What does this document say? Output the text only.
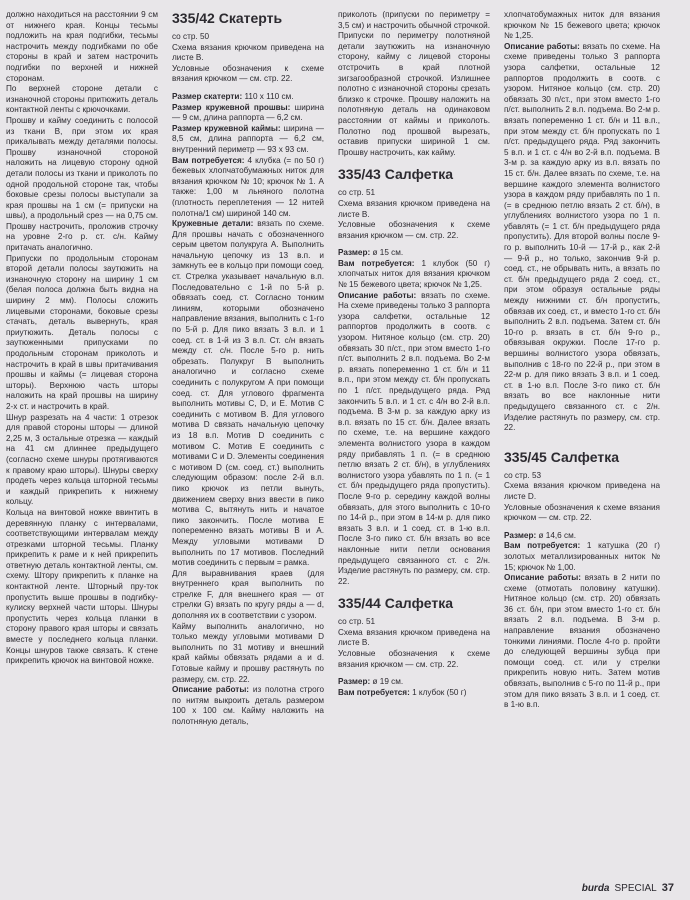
должно находиться на расстоянии 9 см от нижнего края. Концы тесьмы подложить на края подгибки, тесьмы настрочить между подгибками по обе стороны в край и затем настрочить подгибки по верхней и нижней сторонам.

По верхней стороне детали с изнаночной стороны притюжить деталь контактной ленты с крючочками.

Прошву и кайму соединить с полосой из ткани В, при этом их края прикалывать между деталями полосы. Прошву изнаночной стороной наложить на лицевую сторону одной детали полосы из ткани и приколоть по одной продольной стороне так, чтобы боковые срезы полосы выступали за края прошвы на 1 см (= припуски на швы), а продольный срез — на 0,75 см. Прошву настрочить, проложив строчку на уровне 2-го р. ст. с/н. Кайму притачать аналогично.

Припуски по продольным сторонам второй детали полосы заутюжить на изнаночную сторону на ширину 1 см (белая полоса должна быть видна на ширину 2 мм). Полосы сложить лицевыми сторонами, боковые срезы стачать, деталь вывернуть, края приутюжить. Деталь полосы с заутюженными припусками по продольным сторонам приколоть и настрочить в край в швы притачивания прошвы и каймы (= лицевая сторона шторы). Верхнюю часть шторы наложить на край прошвы на ширину 2-х ст. и настрочить в край.

Шнур разрезать на 4 части: 1 отрезок для правой стороны шторы — длиной 2,25 м, 3 остальные отрезка — каждый на 41 см длиннее предыдущего (согласно схеме шнуры протягиваются к правому краю шторы). Шнуры сверху продеть через кольца шторной тесьмы и каждый прикрепить к нижнему кольцу.

Кольца на винтовой ножке ввинтить в деревянную планку с интервалами, соответствующими интервалам между отрезками шторной тесьмы. Планку прикрепить к раме и к ней прикрепить ответную деталь контактной ленты, см. схему. Штору прикрепить к планке на контактной ленте. Шторный пру-ток пропустить выше прошвы в подгибку-кулиску верхней части шторы. Шнуры пропустить через кольца планки в сторону правого края шторы и связать вместе у последнего кольца планки. Концы шнуров также связать. К стене прикрепить крючок на винтовой ножке.

335/42 Скатерть

со стр. 50

Схема вязания крючком приведена на листе В.

Условные обозначения к схеме вязания крючком — см. стр. 22.

Размер скатерти: 110 x 110 см.

Размер кружевной прошвы: ширина — 9 см, длина раппорта — 6,2 см.

Размер кружевной каймы: ширина — 8,5 см, длина раппорта — 6,2 см, внутренний периметр — 93 x 93 см.

Вам потребуется: 4 клубка (= по 50 г) бежевых хлопчатобумажных ниток для вязания крючком № 10; крючок № 1. А также: 1,00 м льняного полотна (плотность переплетения — 12 нитей полотна/1 см) шириной 140 см.

Кружевные детали: вязать по схеме. Для прошвы начать с обозначенного серым цветом полукруга А. Выполнить начальную цепочку из 13 в.п. и замкнуть ее в кольцо при помощи соед. ст. Стрелка указывает начальную в.п. Последовательно с 1-й по 5-й р. обвязать соед. ст. Согласно тонким линиям, которыми обозначено направление вязания, выполнить с 1-го по 5-й р. Для пико вязать 3 в.п. и 1 соед. ст. в 1-й из 3 в.п. Ст. с/н вязать между ст. с/н. После 5-го р. нить обрезать. Полукруг В выполнить аналогично и согласно схеме соединить с полукругом А при помощи соед. ст. Для углового фрагмента выполнить мотивы С, D, и Е. Мотив С соединить с мотивом В. Для углового мотива D связать начальную цепочку из 18 в.п. Мотив D соединить с мотивом С. Мотив Е соединить с мотивами С и D. Элементы соединения с мотивом D (см. соед. ст.) выполнить следующим образом: после 2-й в.п. пико крючок из петли вынуть, движением сверху вниз ввести в пико мотива С, вытянуть нить и начатое пико закончить. После мотива Е попеременно вязать мотивы В и А. Между угловыми мотивами D выполнить по 17 мотивов. Последний мотив соединить с первым = рамка.

Для выравнивания краев (для внутреннего края выполнить по стрелке F, для внешнего края — от стрелки G) вязать по кругу ряды a — d, дополняя их в соответствии с узором.

Кайму выполнить аналогично, но только между угловыми мотивами D выполнить по 31 мотиву и внешний край каймы обвязать рядами a и d. Готовые кайму и прошву растянуть по размеру, см. стр. 22.

Описание работы: из полотна строго по нитям выкроить деталь размером 100 x 100 см. Кайму наложить на полотняную деталь,

приколоть (припуски по периметру = 3,5 см) и настрочить обычной строчкой. Припуски по периметру полотняной детали заутюжить на изнаночную сторону, кайму с лицевой стороны отстрочить в край плотной зигзагообразной строчкой. Излишнее полотно с изнаночной стороны срезать близко к строчке. Прошву наложить на полотняную деталь на одинаковом расстоянии от каймы и приколоть. Полотно под прошвой вырезать, оставив припуски шириной 1 см. Прошву настрочить, как кайму.

335/43 Салфетка

со стр. 51

Схема вязания крючком приведена на листе В.

Условные обозначения к схеме вязания крючком — см. стр. 22.

Размер: ø 15 см.

Вам потребуется: 1 клубок (50 г) хлопчатых ниток для вязания крючком № 15 бежевого цвета; крючок № 1,25.

Описание работы: вязать по схеме. На схеме приведены только 3 раппорта узора салфетки, остальные 12 раппортов продолжить в соотв. с узором. Нитяное кольцо (см. стр. 20) обвязать 30 п/ст., при этом вместо 1-го п/ст. выполнить 2 в.п. подъема. Во 2-м р. вязать попеременно 1 ст. б/н и 11 в.п., при этом между ст. б/н пропускать по 1 п/ст. предыдущего ряда. Ряд закончить 5 в.п. и 1 ст. с 4/н во 2-й в.п. подъема. В 3-м р. за каждую арку из в.п. вязать по 15 ст. б/н. Далее вязать по схеме, т.е. на вершине каждого элемента волнистого узора в каждом ряду прибавлять 1 п. (= в среднюю петлю вязать 2 ст. б/н), в углублениях волнистого узора убавлять по 1 п. (= 1 ст. б/н предыдущего ряда пропустить). После 9-го р. середину каждой волны обвязать, для этого выполнить с 10-го по 14-й р., при этом в 14-м р. для пико вязать 3 в.п. и 1 соед. ст. в 1-ю в.п. После 3-го пико ст. б/н вязать во все наклонные нити петли основания предыдущего связанного ст. с 2/н. Изделие растянуть по размеру, см. стр. 22.

335/44 Салфетка

со стр. 51

Схема вязания крючком приведена на листе В.

Условные обозначения к схеме вязания крючком — см. стр. 22.

Размер: ø 19 см.

Вам потребуется: 1 клубок (50 г)

хлопчатобумажных ниток для вязания крючком № 15 бежевого цвета; крючок № 1,25.

Описание работы: вязать по схеме. На схеме приведены только 3 раппорта узора салфетки, остальные 12 раппортов продолжить в соотв. с узором. Нитяное кольцо (см. стр. 20) обвязать 30 п/ст., при этом вместо 1-го п/ст. выполнить 2 в.п. подъема. Во 2-м р. вязать попеременно 1 ст. б/н и 11 в.п., при этом между ст. б/н пропускать по 1 п/ст. предыдущего ряда. Ряд закончить 5 в.п. и 1 ст. с 4/н во 2-й в.п. подъема. В 3-м р. за каждую арку из в.п. вязать по 15 ст. б/н. Далее вязать по схеме, т.е. на вершине каждого элемента волнистого узора в каждом ряду прибавлять по 1 п. (= в среднюю петлю вязать 2 ст. б/н), в углублениях волнистого узора по 1 п. убавлять (= 1 ст. б/н предыдущего ряда пропустить). Для второй волны после 9-го р. выполнить 10-й — 17-й р., как 2-й — 9-й р., но только, закончив 9-й р. соед. ст., не обрывать нить, а вязать по ст. б/н предыдущего ряда 2 соед. ст., при этом образуя остальные ряды между нижними ст. б/н пропустить, обвязав их соед. ст., и вместо 1-го ст. б/н выполнить 2 в.п. подъема. Затем ст. б/н 10-го р. вязать в ст. б/н 9-го р., обвязывая окружки. После 17-го р. вершины волнистого узора обвязать, выполнив с 18-го по 22-й р., при этом в 22-м р. для пико вязать 3 в.п. и 1 соед. ст. в 1-ю в.п. После 3-го пико ст. б/н вязать во все наклонные нити предыдущего связанного ст. с 2/н. Изделие растянуть по размеру, см. стр. 22.

335/45 Салфетка

со стр. 53

Схема вязания крючком приведена на листе D.

Условные обозначения к схеме вязания крючком — см. стр. 22.

Размер: ø 14,6 см.

Вам потребуется: 1 катушка (20 г) золотых металлизированных ниток № 15; крючок № 1,00.

Описание работы: вязать в 2 нити по схеме (отмотать половину катушки). Нитяное кольцо (см. стр. 20) обвязать 36 ст. б/н, при этом вместо 1-го ст. б/н вязать 2 в.п. подъема. В 3-м р. направление вязания обозначено тонкими линиями. После 4-го р. пройти до следующей вершины зубца при помощи соед. ст. или у стрелки прикрепить новую нить. Затем мотив обвязать, выполнив с 5-го по 11-й р., при этом для пико вязать 3 в.п. и 1 соед. ст. в 1-ю в.п.

burda SPECIAL 37
